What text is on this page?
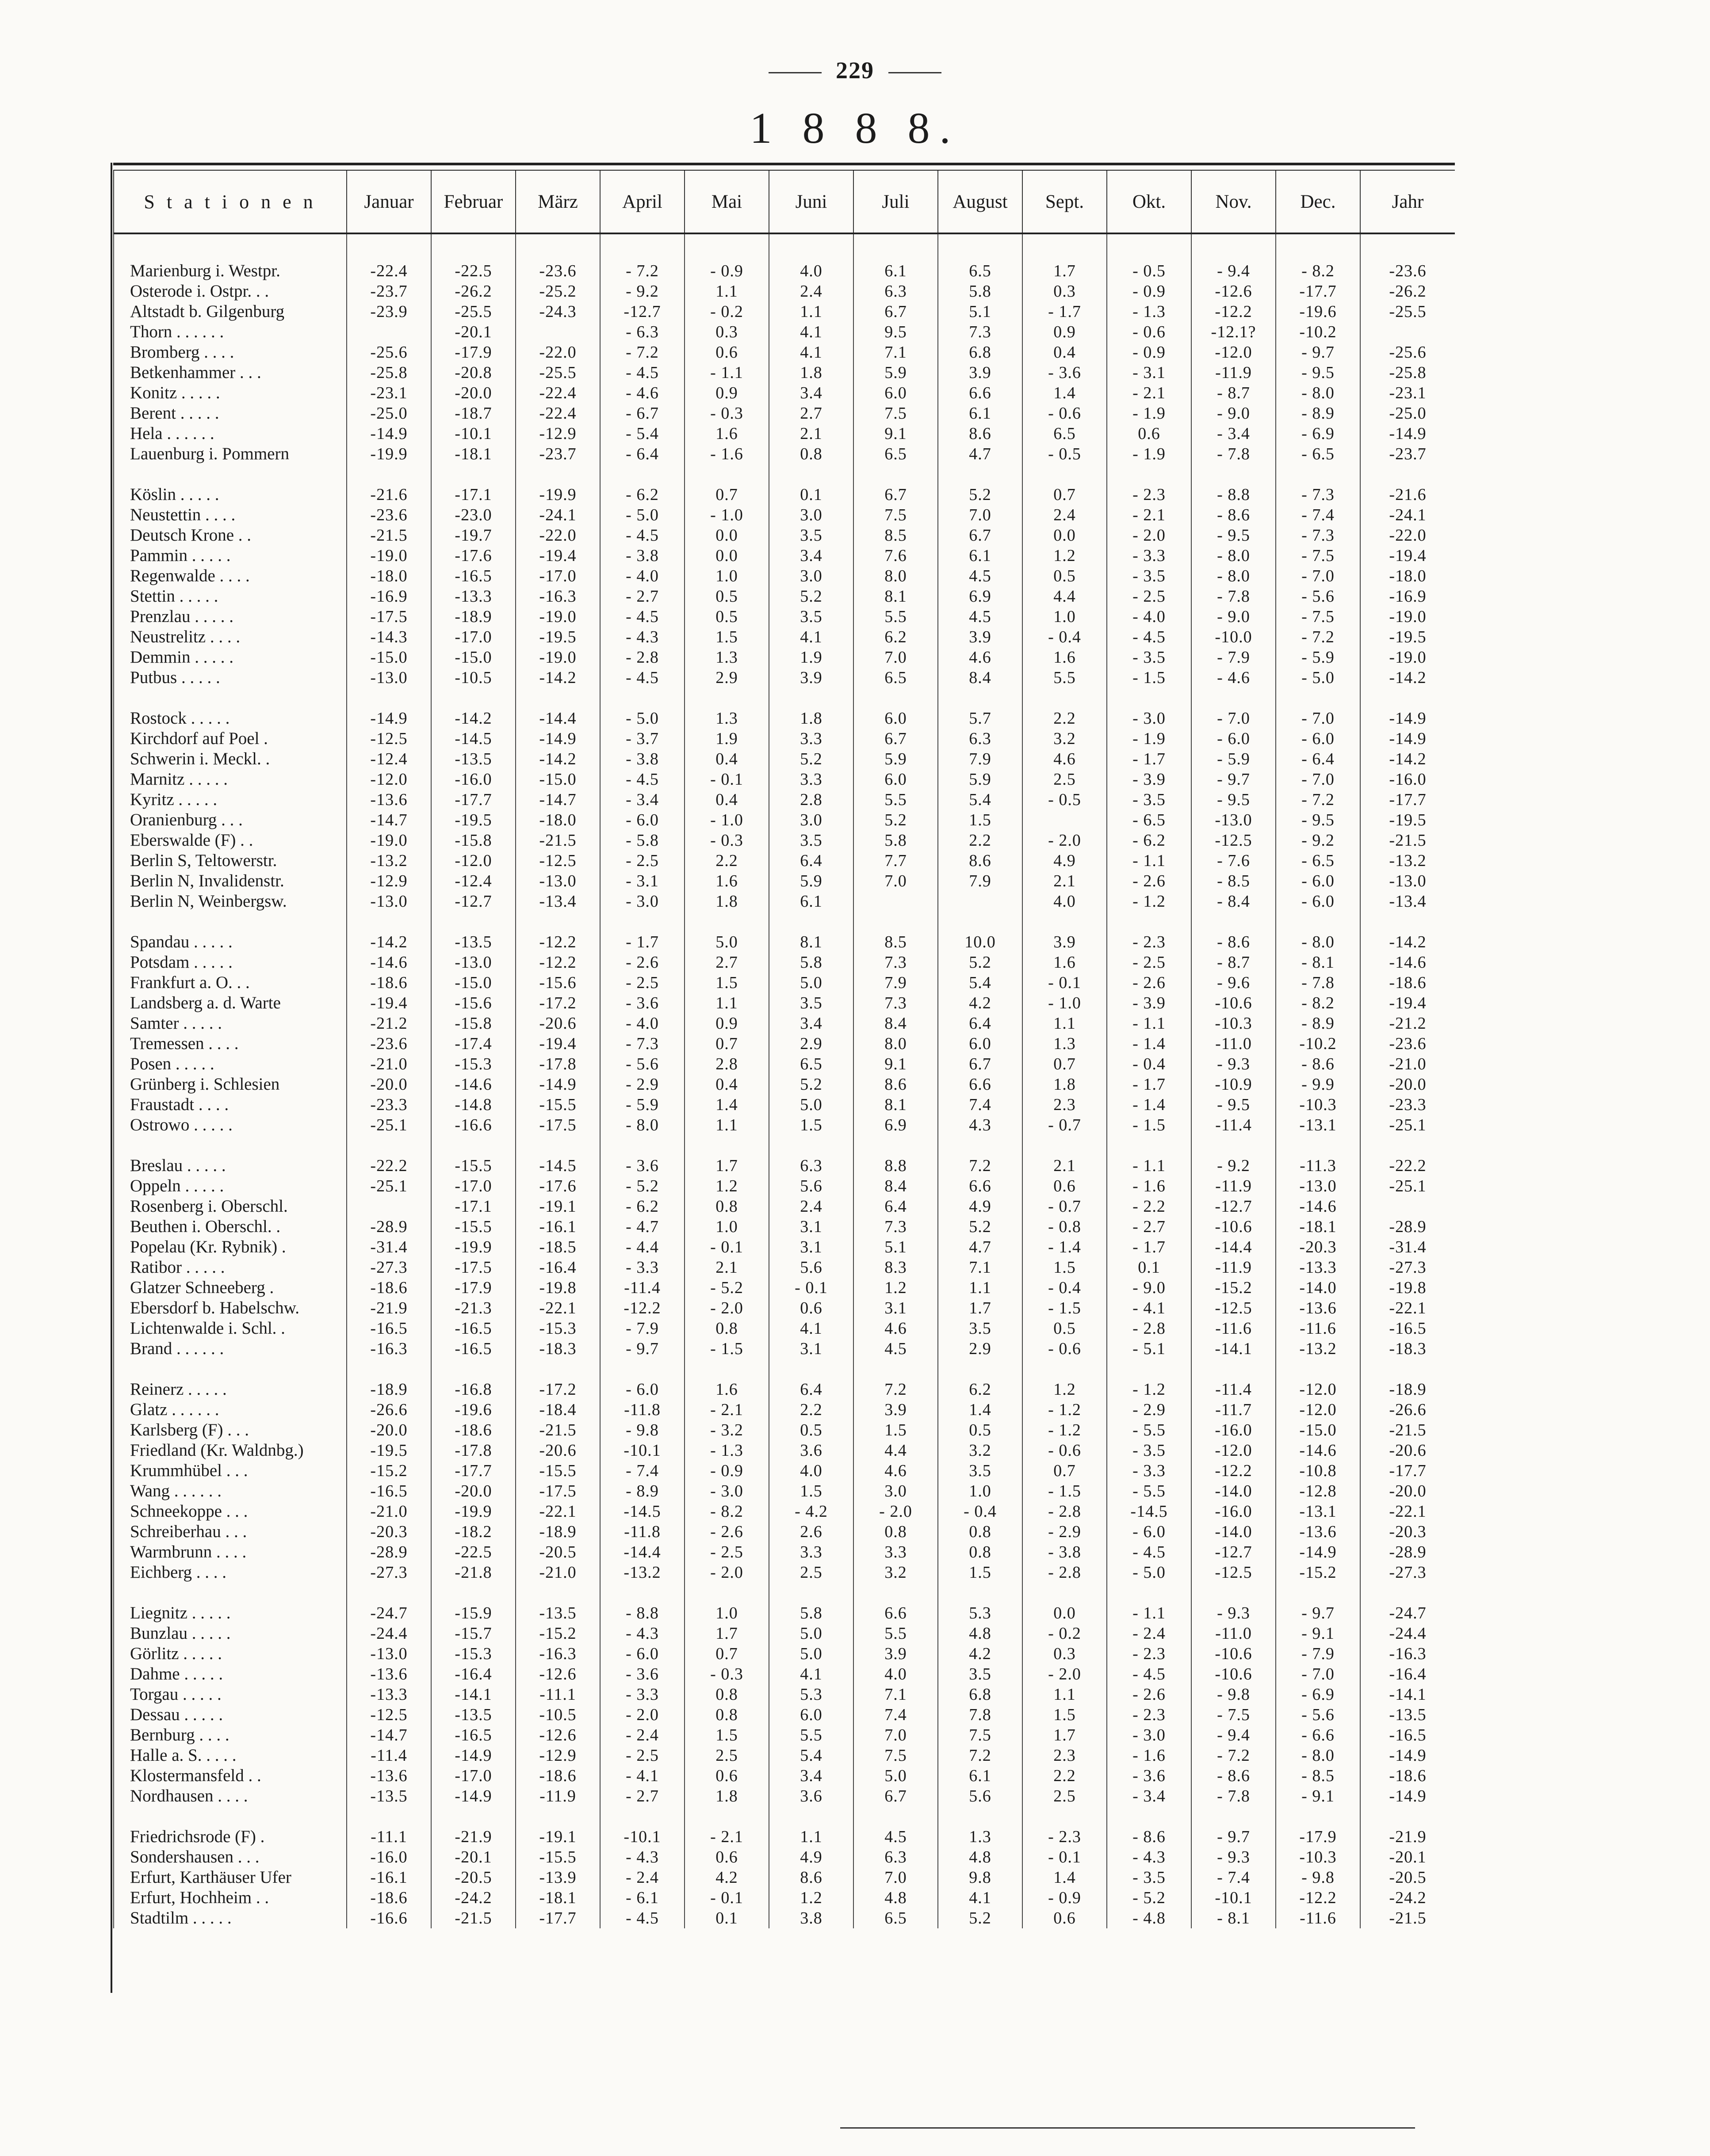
229
1 8 8 8.
S t a t i o n e n	Januar	Februar	März	April	Mai	Juni	Juli	August	Sept.	Okt.	Nov.	Dec.	Jahr

Marienburg i. Westpr.	-22.4	-22.5	-23.6	- 7.2	- 0.9	4.0	6.1	6.5	1.7	- 0.5	- 9.4	- 8.2	-23.6
Osterode i. Ostpr. . .	-23.7	-26.2	-25.2	- 9.2	1.1	2.4	6.3	5.8	0.3	- 0.9	-12.6	-17.7	-26.2
Altstadt b. Gilgenburg	-23.9	-25.5	-24.3	-12.7	- 0.2	1.1	6.7	5.1	- 1.7	- 1.3	-12.2	-19.6	-25.5
Thorn . . . . . .		-20.1		- 6.3	0.3	4.1	9.5	7.3	0.9	- 0.6	-12.1?	-10.2	
Bromberg . . . .	-25.6	-17.9	-22.0	- 7.2	0.6	4.1	7.1	6.8	0.4	- 0.9	-12.0	- 9.7	-25.6
Betkenhammer . . .	-25.8	-20.8	-25.5	- 4.5	- 1.1	1.8	5.9	3.9	- 3.6	- 3.1	-11.9	- 9.5	-25.8
Konitz . . . . .	-23.1	-20.0	-22.4	- 4.6	0.9	3.4	6.0	6.6	1.4	- 2.1	- 8.7	- 8.0	-23.1
Berent . . . . .	-25.0	-18.7	-22.4	- 6.7	- 0.3	2.7	7.5	6.1	- 0.6	- 1.9	- 9.0	- 8.9	-25.0
Hela . . . . . .	-14.9	-10.1	-12.9	- 5.4	1.6	2.1	9.1	8.6	6.5	0.6	- 3.4	- 6.9	-14.9
Lauenburg i. Pommern	-19.9	-18.1	-23.7	- 6.4	- 1.6	0.8	6.5	4.7	- 0.5	- 1.9	- 7.8	- 6.5	-23.7

Köslin . . . . .	-21.6	-17.1	-19.9	- 6.2	0.7	0.1	6.7	5.2	0.7	- 2.3	- 8.8	- 7.3	-21.6
Neustettin . . . .	-23.6	-23.0	-24.1	- 5.0	- 1.0	3.0	7.5	7.0	2.4	- 2.1	- 8.6	- 7.4	-24.1
Deutsch Krone . .	-21.5	-19.7	-22.0	- 4.5	0.0	3.5	8.5	6.7	0.0	- 2.0	- 9.5	- 7.3	-22.0
Pammin . . . . .	-19.0	-17.6	-19.4	- 3.8	0.0	3.4	7.6	6.1	1.2	- 3.3	- 8.0	- 7.5	-19.4
Regenwalde . . . .	-18.0	-16.5	-17.0	- 4.0	1.0	3.0	8.0	4.5	0.5	- 3.5	- 8.0	- 7.0	-18.0
Stettin . . . . .	-16.9	-13.3	-16.3	- 2.7	0.5	5.2	8.1	6.9	4.4	- 2.5	- 7.8	- 5.6	-16.9
Prenzlau . . . . .	-17.5	-18.9	-19.0	- 4.5	0.5	3.5	5.5	4.5	1.0	- 4.0	- 9.0	- 7.5	-19.0
Neustrelitz . . . .	-14.3	-17.0	-19.5	- 4.3	1.5	4.1	6.2	3.9	- 0.4	- 4.5	-10.0	- 7.2	-19.5
Demmin . . . . .	-15.0	-15.0	-19.0	- 2.8	1.3	1.9	7.0	4.6	1.6	- 3.5	- 7.9	- 5.9	-19.0
Putbus . . . . .	-13.0	-10.5	-14.2	- 4.5	2.9	3.9	6.5	8.4	5.5	- 1.5	- 4.6	- 5.0	-14.2

Rostock . . . . .	-14.9	-14.2	-14.4	- 5.0	1.3	1.8	6.0	5.7	2.2	- 3.0	- 7.0	- 7.0	-14.9
Kirchdorf auf Poel .	-12.5	-14.5	-14.9	- 3.7	1.9	3.3	6.7	6.3	3.2	- 1.9	- 6.0	- 6.0	-14.9
Schwerin i. Meckl. .	-12.4	-13.5	-14.2	- 3.8	0.4	5.2	5.9	7.9	4.6	- 1.7	- 5.9	- 6.4	-14.2
Marnitz . . . . .	-12.0	-16.0	-15.0	- 4.5	- 0.1	3.3	6.0	5.9	2.5	- 3.9	- 9.7	- 7.0	-16.0
Kyritz . . . . .	-13.6	-17.7	-14.7	- 3.4	0.4	2.8	5.5	5.4	- 0.5	- 3.5	- 9.5	- 7.2	-17.7
Oranienburg . . .	-14.7	-19.5	-18.0	- 6.0	- 1.0	3.0	5.2	1.5		- 6.5	-13.0	- 9.5	-19.5
Eberswalde (F) . .	-19.0	-15.8	-21.5	- 5.8	- 0.3	3.5	5.8	2.2	- 2.0	- 6.2	-12.5	- 9.2	-21.5
Berlin S, Teltowerstr.	-13.2	-12.0	-12.5	- 2.5	2.2	6.4	7.7	8.6	4.9	- 1.1	- 7.6	- 6.5	-13.2
Berlin N, Invalidenstr.	-12.9	-12.4	-13.0	- 3.1	1.6	5.9	7.0	7.9	2.1	- 2.6	- 8.5	- 6.0	-13.0
Berlin N, Weinbergsw.	-13.0	-12.7	-13.4	- 3.0	1.8	6.1			4.0	- 1.2	- 8.4	- 6.0	-13.4

Spandau . . . . .	-14.2	-13.5	-12.2	- 1.7	5.0	8.1	8.5	10.0	3.9	- 2.3	- 8.6	- 8.0	-14.2
Potsdam . . . . .	-14.6	-13.0	-12.2	- 2.6	2.7	5.8	7.3	5.2	1.6	- 2.5	- 8.7	- 8.1	-14.6
Frankfurt a. O. . .	-18.6	-15.0	-15.6	- 2.5	1.5	5.0	7.9	5.4	- 0.1	- 2.6	- 9.6	- 7.8	-18.6
Landsberg a. d. Warte	-19.4	-15.6	-17.2	- 3.6	1.1	3.5	7.3	4.2	- 1.0	- 3.9	-10.6	- 8.2	-19.4
Samter . . . . .	-21.2	-15.8	-20.6	- 4.0	0.9	3.4	8.4	6.4	1.1	- 1.1	-10.3	- 8.9	-21.2
Tremessen . . . .	-23.6	-17.4	-19.4	- 7.3	0.7	2.9	8.0	6.0	1.3	- 1.4	-11.0	-10.2	-23.6
Posen . . . . .	-21.0	-15.3	-17.8	- 5.6	2.8	6.5	9.1	6.7	0.7	- 0.4	- 9.3	- 8.6	-21.0
Grünberg i. Schlesien	-20.0	-14.6	-14.9	- 2.9	0.4	5.2	8.6	6.6	1.8	- 1.7	-10.9	- 9.9	-20.0
Fraustadt . . . .	-23.3	-14.8	-15.5	- 5.9	1.4	5.0	8.1	7.4	2.3	- 1.4	- 9.5	-10.3	-23.3
Ostrowo . . . . .	-25.1	-16.6	-17.5	- 8.0	1.1	1.5	6.9	4.3	- 0.7	- 1.5	-11.4	-13.1	-25.1

Breslau . . . . .	-22.2	-15.5	-14.5	- 3.6	1.7	6.3	8.8	7.2	2.1	- 1.1	- 9.2	-11.3	-22.2
Oppeln . . . . .	-25.1	-17.0	-17.6	- 5.2	1.2	5.6	8.4	6.6	0.6	- 1.6	-11.9	-13.0	-25.1
Rosenberg i. Oberschl.		-17.1	-19.1	- 6.2	0.8	2.4	6.4	4.9	- 0.7	- 2.2	-12.7	-14.6	
Beuthen i. Oberschl. .	-28.9	-15.5	-16.1	- 4.7	1.0	3.1	7.3	5.2	- 0.8	- 2.7	-10.6	-18.1	-28.9
Popelau (Kr. Rybnik) .	-31.4	-19.9	-18.5	- 4.4	- 0.1	3.1	5.1	4.7	- 1.4	- 1.7	-14.4	-20.3	-31.4
Ratibor . . . . .	-27.3	-17.5	-16.4	- 3.3	2.1	5.6	8.3	7.1	1.5	0.1	-11.9	-13.3	-27.3
Glatzer Schneeberg .	-18.6	-17.9	-19.8	-11.4	- 5.2	- 0.1	1.2	1.1	- 0.4	- 9.0	-15.2	-14.0	-19.8
Ebersdorf b. Habelschw.	-21.9	-21.3	-22.1	-12.2	- 2.0	0.6	3.1	1.7	- 1.5	- 4.1	-12.5	-13.6	-22.1
Lichtenwalde i. Schl. .	-16.5	-16.5	-15.3	- 7.9	0.8	4.1	4.6	3.5	0.5	- 2.8	-11.6	-11.6	-16.5
Brand . . . . . .	-16.3	-16.5	-18.3	- 9.7	- 1.5	3.1	4.5	2.9	- 0.6	- 5.1	-14.1	-13.2	-18.3

Reinerz . . . . .	-18.9	-16.8	-17.2	- 6.0	1.6	6.4	7.2	6.2	1.2	- 1.2	-11.4	-12.0	-18.9
Glatz . . . . . .	-26.6	-19.6	-18.4	-11.8	- 2.1	2.2	3.9	1.4	- 1.2	- 2.9	-11.7	-12.0	-26.6
Karlsberg (F) . . .	-20.0	-18.6	-21.5	- 9.8	- 3.2	0.5	1.5	0.5	- 1.2	- 5.5	-16.0	-15.0	-21.5
Friedland (Kr. Waldnbg.)	-19.5	-17.8	-20.6	-10.1	- 1.3	3.6	4.4	3.2	- 0.6	- 3.5	-12.0	-14.6	-20.6
Krummhübel . . .	-15.2	-17.7	-15.5	- 7.4	- 0.9	4.0	4.6	3.5	0.7	- 3.3	-12.2	-10.8	-17.7
Wang . . . . . .	-16.5	-20.0	-17.5	- 8.9	- 3.0	1.5	3.0	1.0	- 1.5	- 5.5	-14.0	-12.8	-20.0
Schneekoppe . . .	-21.0	-19.9	-22.1	-14.5	- 8.2	- 4.2	- 2.0	- 0.4	- 2.8	-14.5	-16.0	-13.1	-22.1
Schreiberhau . . .	-20.3	-18.2	-18.9	-11.8	- 2.6	2.6	0.8	0.8	- 2.9	- 6.0	-14.0	-13.6	-20.3
Warmbrunn . . . .	-28.9	-22.5	-20.5	-14.4	- 2.5	3.3	3.3	0.8	- 3.8	- 4.5	-12.7	-14.9	-28.9
Eichberg . . . .	-27.3	-21.8	-21.0	-13.2	- 2.0	2.5	3.2	1.5	- 2.8	- 5.0	-12.5	-15.2	-27.3

Liegnitz . . . . .	-24.7	-15.9	-13.5	- 8.8	1.0	5.8	6.6	5.3	0.0	- 1.1	- 9.3	- 9.7	-24.7
Bunzlau . . . . .	-24.4	-15.7	-15.2	- 4.3	1.7	5.0	5.5	4.8	- 0.2	- 2.4	-11.0	- 9.1	-24.4
Görlitz . . . . .	-13.0	-15.3	-16.3	- 6.0	0.7	5.0	3.9	4.2	0.3	- 2.3	-10.6	- 7.9	-16.3
Dahme . . . . .	-13.6	-16.4	-12.6	- 3.6	- 0.3	4.1	4.0	3.5	- 2.0	- 4.5	-10.6	- 7.0	-16.4
Torgau . . . . .	-13.3	-14.1	-11.1	- 3.3	0.8	5.3	7.1	6.8	1.1	- 2.6	- 9.8	- 6.9	-14.1
Dessau . . . . .	-12.5	-13.5	-10.5	- 2.0	0.8	6.0	7.4	7.8	1.5	- 2.3	- 7.5	- 5.6	-13.5
Bernburg . . . .	-14.7	-16.5	-12.6	- 2.4	1.5	5.5	7.0	7.5	1.7	- 3.0	- 9.4	- 6.6	-16.5
Halle a. S. . . . .	-11.4	-14.9	-12.9	- 2.5	2.5	5.4	7.5	7.2	2.3	- 1.6	- 7.2	- 8.0	-14.9
Klostermansfeld . .	-13.6	-17.0	-18.6	- 4.1	0.6	3.4	5.0	6.1	2.2	- 3.6	- 8.6	- 8.5	-18.6
Nordhausen . . . .	-13.5	-14.9	-11.9	- 2.7	1.8	3.6	6.7	5.6	2.5	- 3.4	- 7.8	- 9.1	-14.9

Friedrichsrode (F) .	-11.1	-21.9	-19.1	-10.1	- 2.1	1.1	4.5	1.3	- 2.3	- 8.6	- 9.7	-17.9	-21.9
Sondershausen . . .	-16.0	-20.1	-15.5	- 4.3	0.6	4.9	6.3	4.8	- 0.1	- 4.3	- 9.3	-10.3	-20.1
Erfurt, Karthäuser Ufer	-16.1	-20.5	-13.9	- 2.4	4.2	8.6	7.0	9.8	1.4	- 3.5	- 7.4	- 9.8	-20.5
Erfurt, Hochheim . .	-18.6	-24.2	-18.1	- 6.1	- 0.1	1.2	4.8	4.1	- 0.9	- 5.2	-10.1	-12.2	-24.2
Stadtilm . . . . .	-16.6	-21.5	-17.7	- 4.5	0.1	3.8	6.5	5.2	0.6	- 4.8	- 8.1	-11.6	-21.5
